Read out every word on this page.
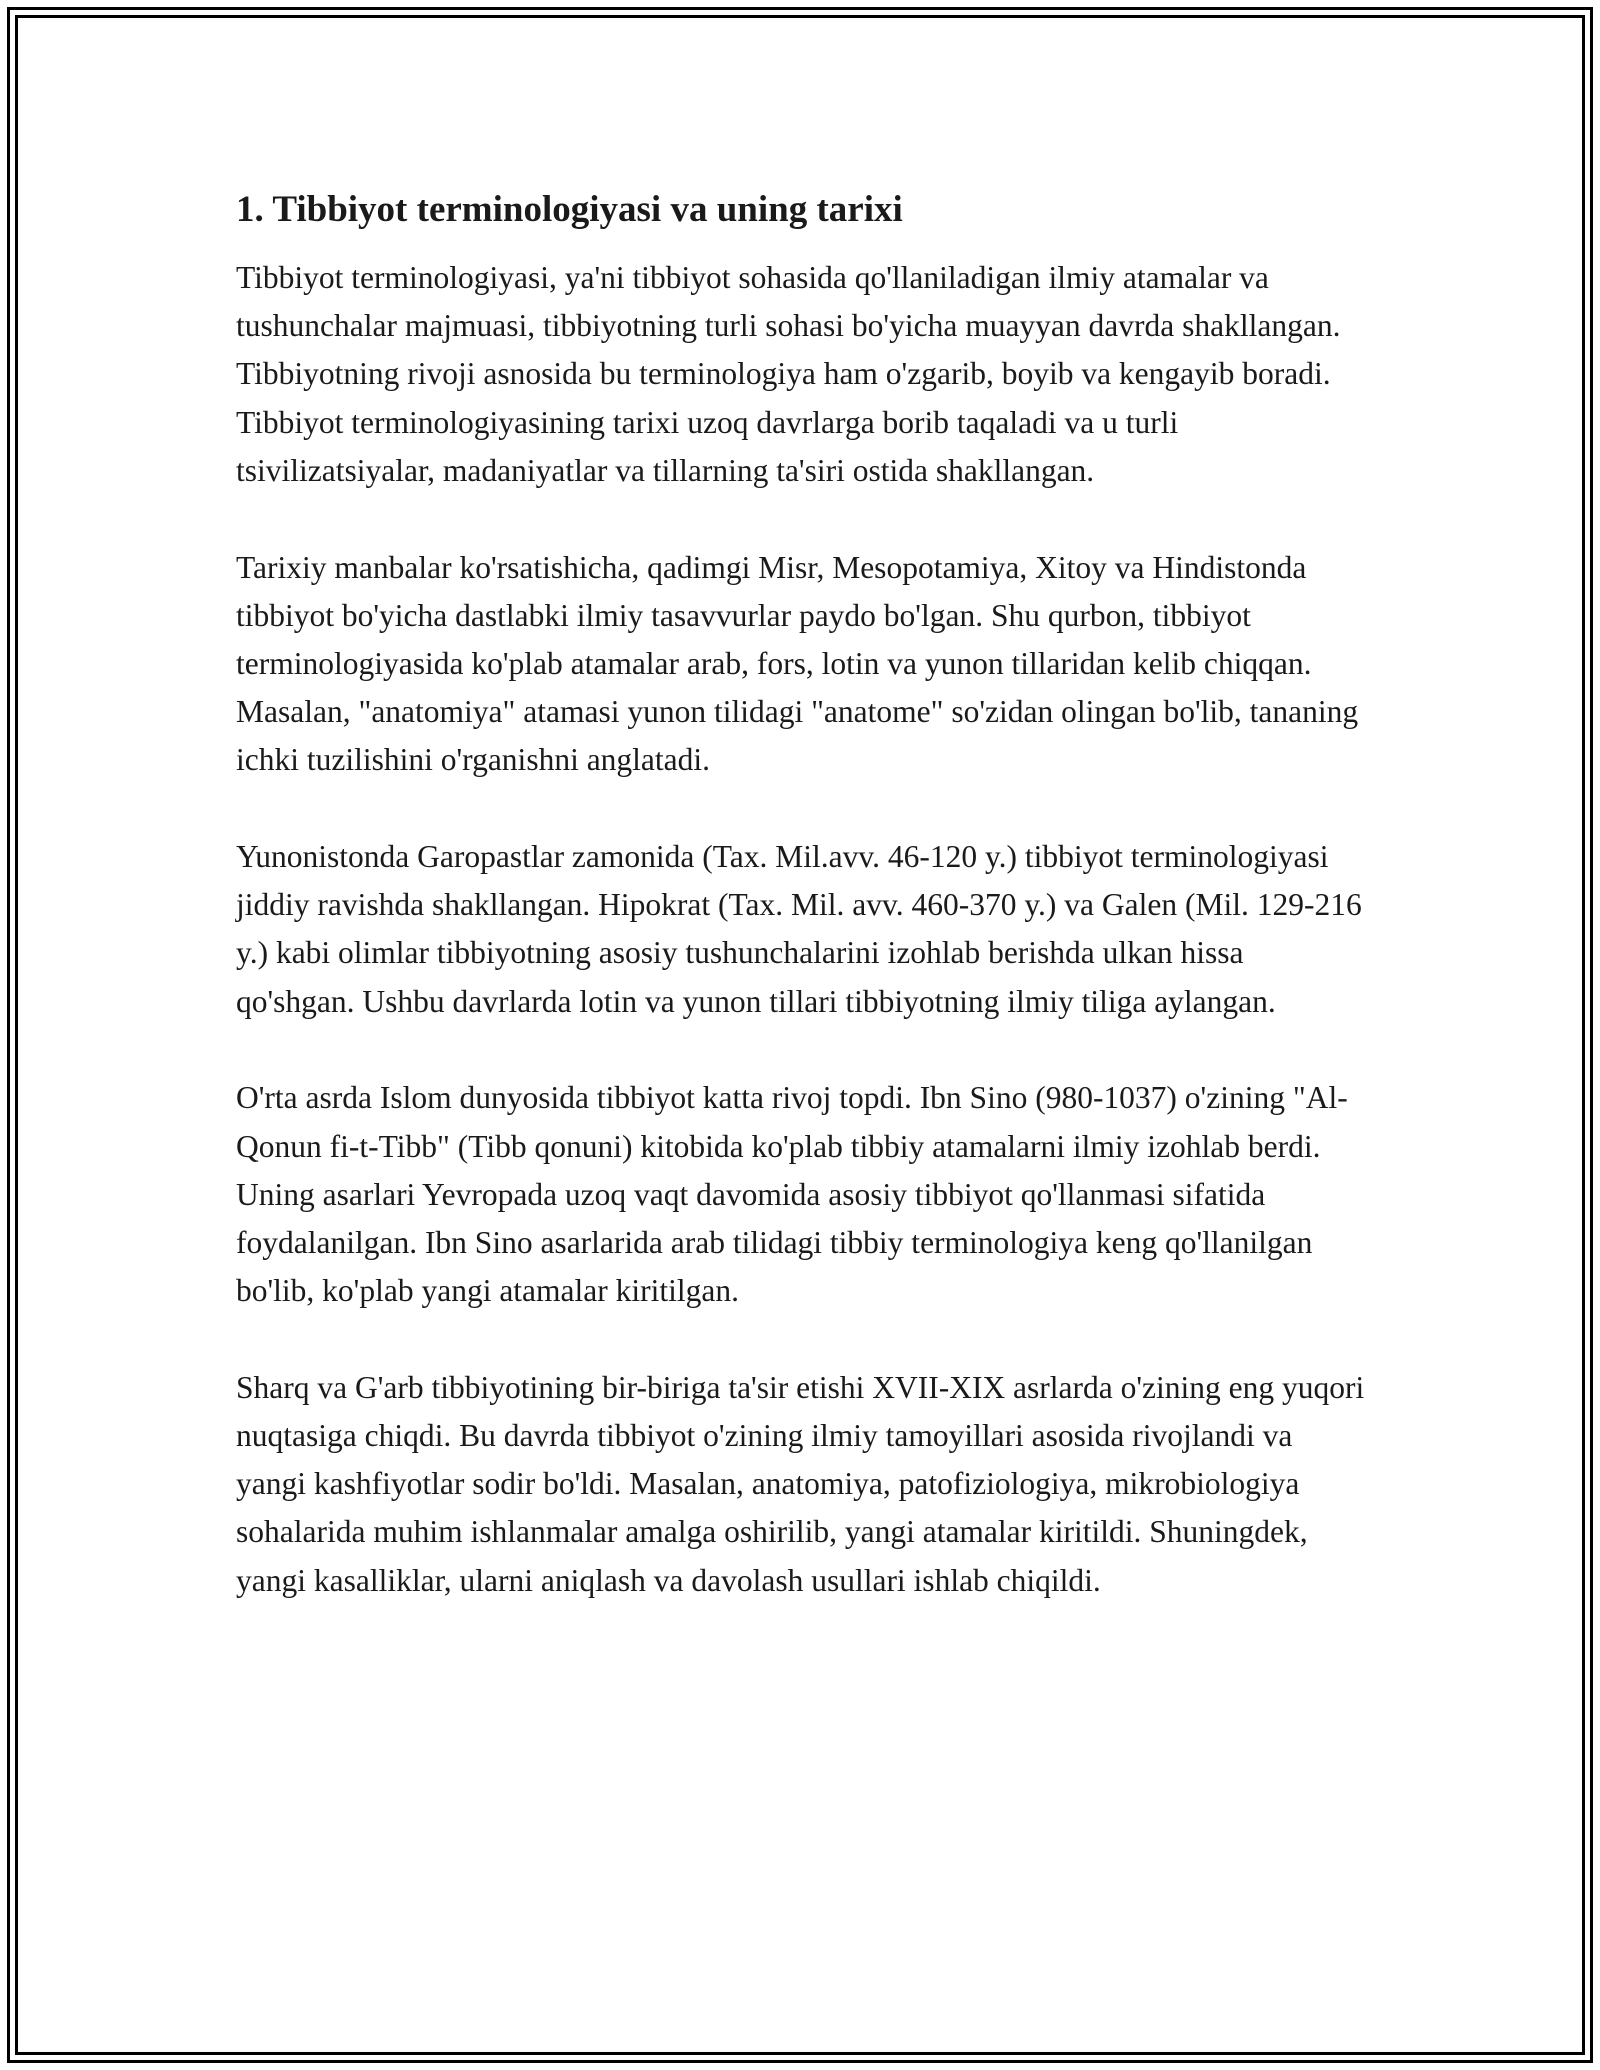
1. Tibbiyot terminologiyasi va uning tarixi

Tibbiyot terminologiyasi, ya'ni tibbiyot sohasida qo'llaniladigan ilmiy atamalar va tushunchalar majmuasi, tibbiyotning turli sohasi bo'yicha muayyan davrda shakllangan. Tibbiyotning rivoji asnosida bu terminologiya ham o'zgarib, boyib va kengayib boradi. Tibbiyot terminologiyasining tarixi uzoq davrlarga borib taqaladi va u turli tsivilizatsiyalar, madaniyatlar va tillarning ta'siri ostida shakllangan.

Tarixiy manbalar ko'rsatishicha, qadimgi Misr, Mesopotamiya, Xitoy va Hindistonda tibbiyot bo'yicha dastlabki ilmiy tasavvurlar paydo bo'lgan. Shu qurbon, tibbiyot terminologiyasida ko'plab atamalar arab, fors, lotin va yunon tillaridan kelib chiqqan. Masalan, "anatomiya" atamasi yunon tilidagi "anatome" so'zidan olingan bo'lib, tananing ichki tuzilishini o'rganishni anglatadi.

Yunonistonda Garopastlar zamonida (Tax. Mil.avv. 46-120 y.) tibbiyot terminologiyasi jiddiy ravishda shakllangan. Hipokrat (Tax. Mil. avv. 460-370 y.) va Galen (Mil. 129-216 y.) kabi olimlar tibbiyotning asosiy tushunchalarini izohlab berishda ulkan hissa qo'shgan. Ushbu davrlarda lotin va yunon tillari tibbiyotning ilmiy tiliga aylangan.

O'rta asrda Islom dunyosida tibbiyot katta rivoj topdi. Ibn Sino (980-1037) o'zining "Al-Qonun fi-t-Tibb" (Tibb qonuni) kitobida ko'plab tibbiy atamalarni ilmiy izohlab berdi. Uning asarlari Yevropada uzoq vaqt davomida asosiy tibbiyot qo'llanmasi sifatida foydalanilgan. Ibn Sino asarlarida arab tilidagi tibbiy terminologiya keng qo'llanilgan bo'lib, ko'plab yangi atamalar kiritilgan.

Sharq va G'arb tibbiyotining bir-biriga ta'sir etishi XVII-XIX asrlarda o'zining eng yuqori nuqtasiga chiqdi. Bu davrda tibbiyot o'zining ilmiy tamoyillari asosida rivojlandi va yangi kashfiyotlar sodir bo'ldi. Masalan, anatomiya, patofiziologiya, mikrobiologiya sohalarida muhim ishlanmalar amalga oshirilib, yangi atamalar kiritildi. Shuningdek, yangi kasalliklar, ularni aniqlash va davolash usullari ishlab chiqildi.
